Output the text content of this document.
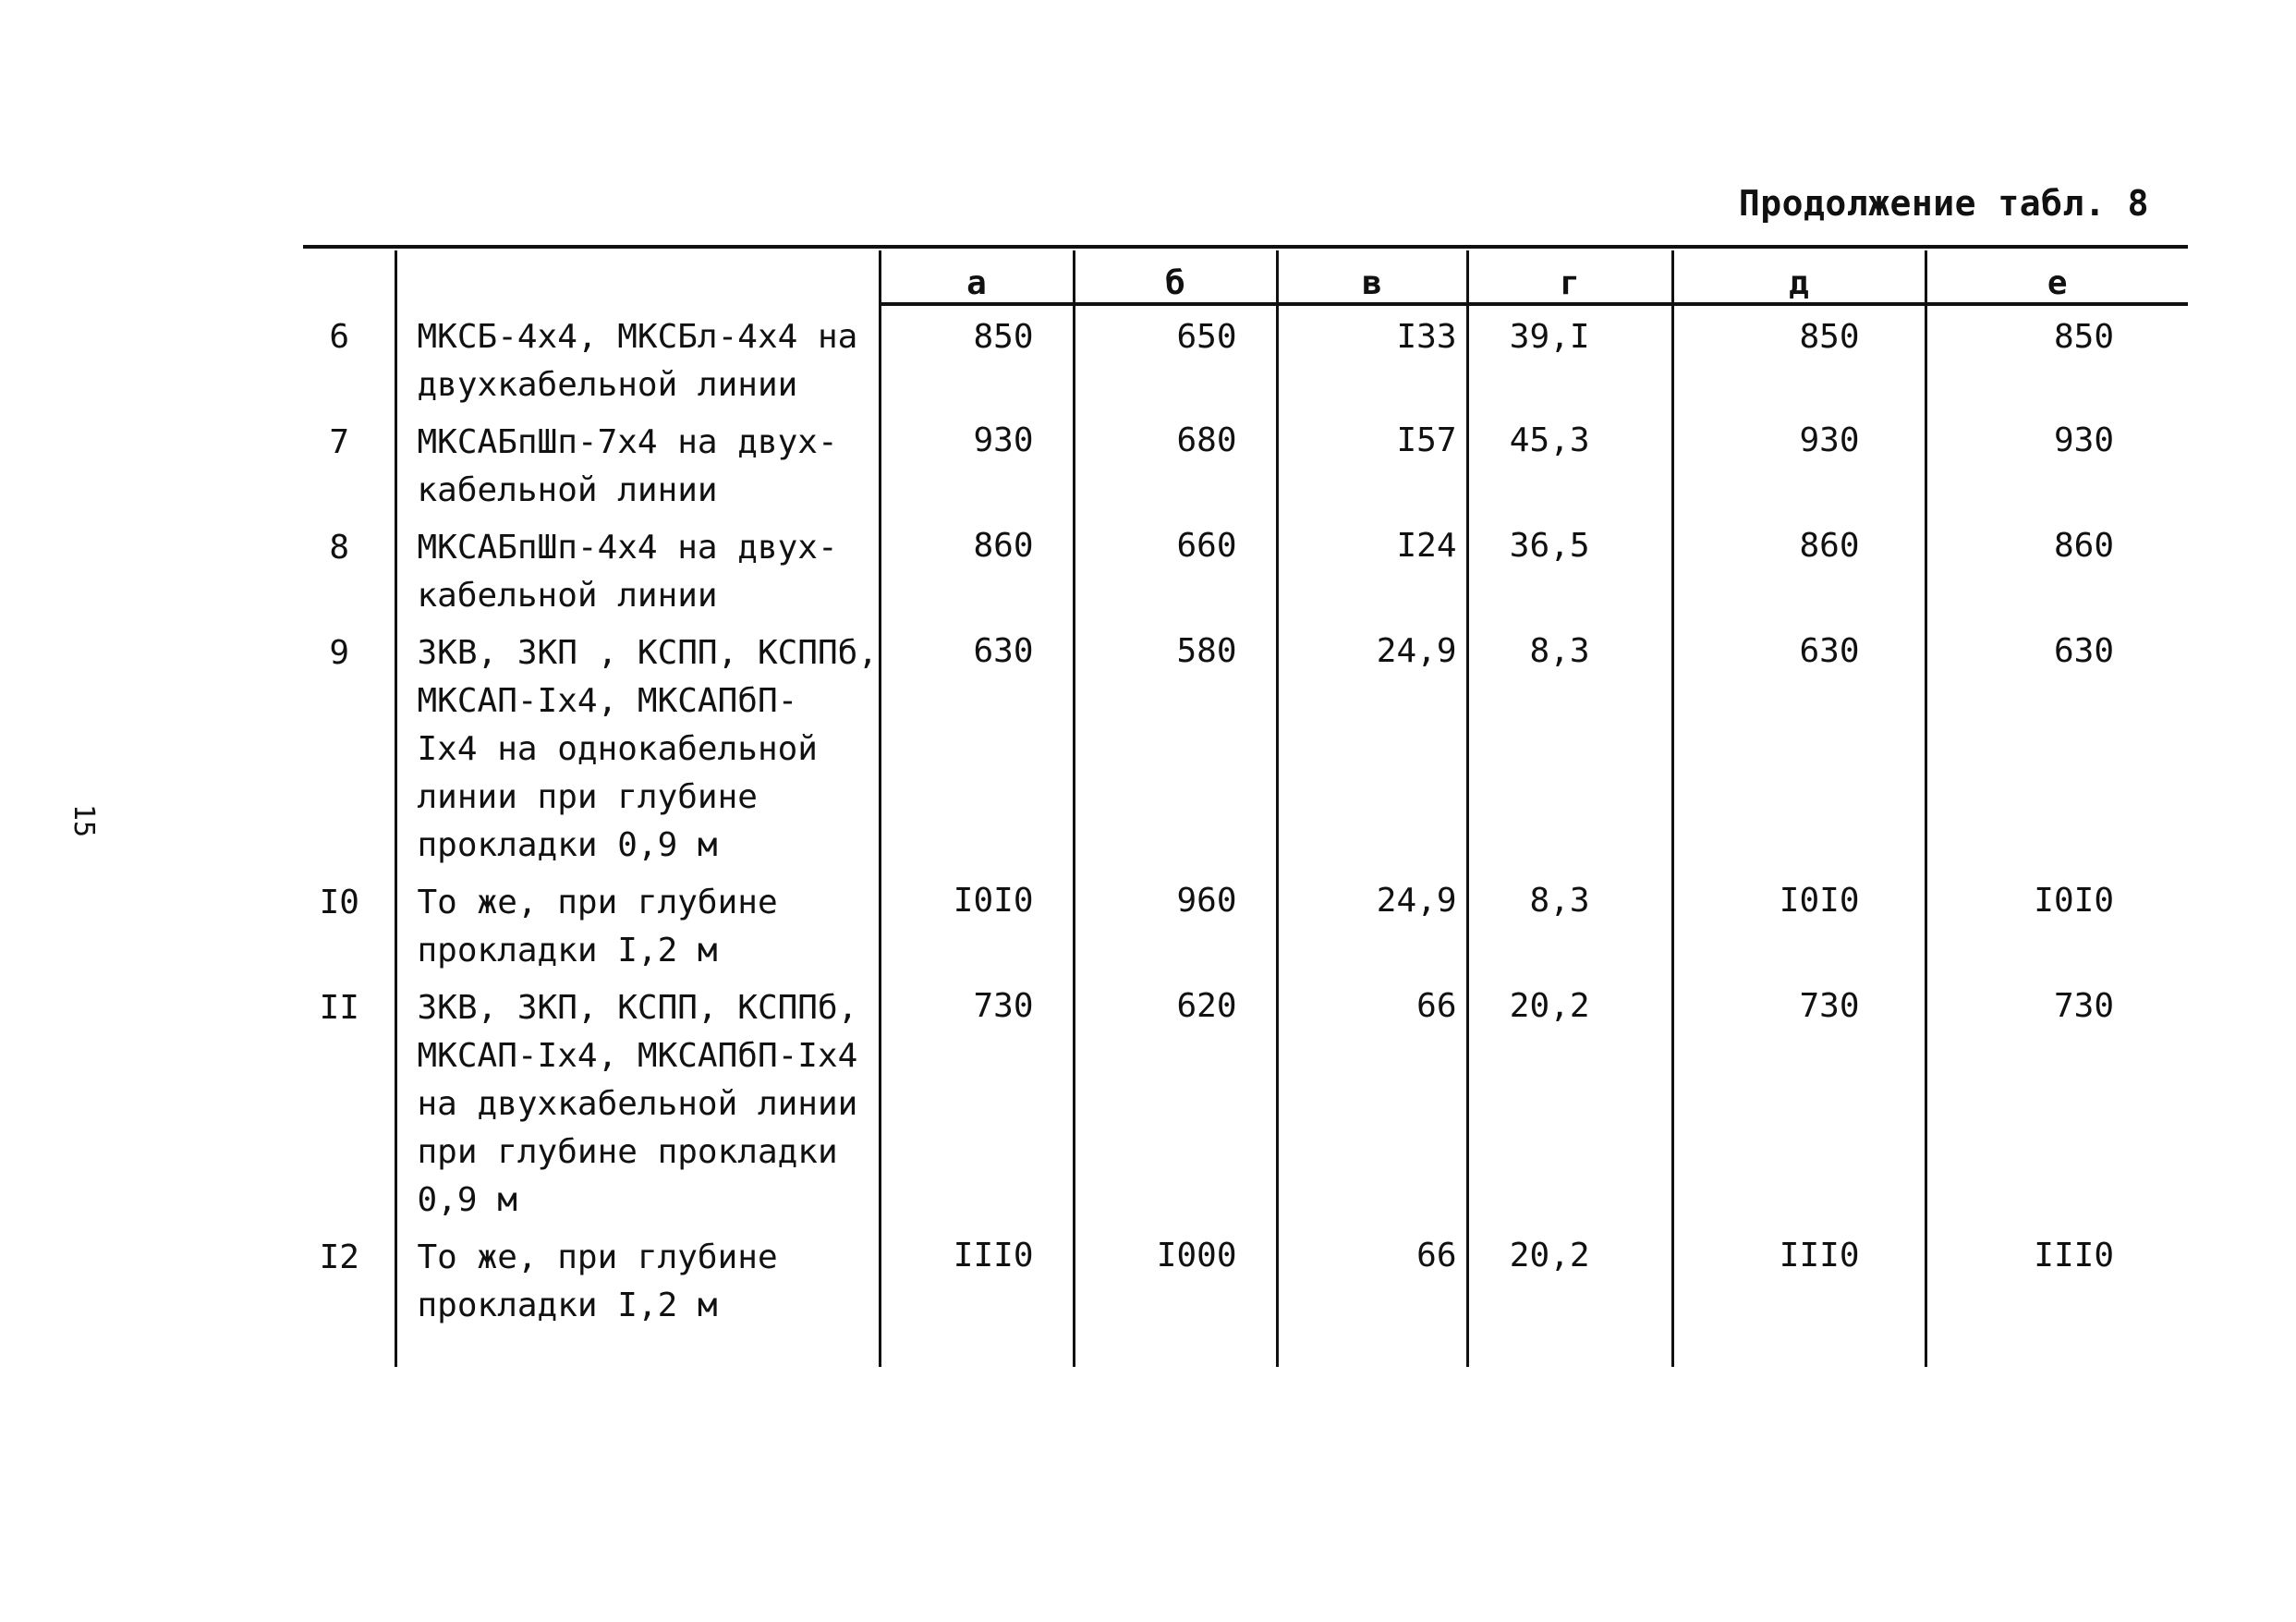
Продолжение табл. 8
15
		а	б	в	г	д	е
6	МКСБ-4х4, МКСБл-4х4 на
двухкабельной линии	850	650	I33	39,I	850	850
7	МКСАБпШп-7х4 на двух-
кабельной линии	930	680	I57	45,3	930	930
8	МКСАБпШп-4х4 на двух-
кабельной линии	860	660	I24	36,5	860	860
9	ЗКВ, ЗКП , КСПП, КСППб,
МКСАП-Iх4, МКСАПбП-
Iх4 на однокабельной
линии при глубине
прокладки 0,9 м	630	580	24,9	8,3	630	630
I0	То же, при глубине
прокладки I,2 м	I0I0	960	24,9	8,3	I0I0	I0I0
II	ЗКВ, ЗКП, КСПП, КСППб,
МКСАП-Iх4, МКСАПбП-Iх4
на двухкабельной линии
при глубине прокладки
0,9 м	730	620	66	20,2	730	730
I2	То же, при глубине
прокладки I,2 м	III0	I000	66	20,2	III0	III0
